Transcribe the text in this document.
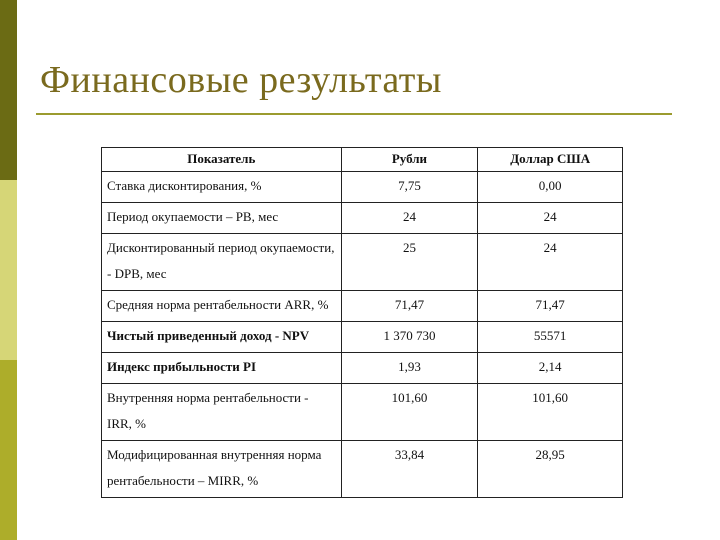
Финансовые результаты
Показатель	Рубли	Доллар США
Ставка дисконтирования, %	7,75	0,00
Период окупаемости – PB, мес	24	24
Дисконтированный период окупаемости, - DPB, мес	25	24
Средняя норма рентабельности ARR, %	71,47	71,47
Чистый приведенный доход - NPV	1 370 730	55571
Индекс прибыльности PI	1,93	2,14
Внутренняя норма рентабельности - IRR, %	101,60	101,60
Модифицированная внутренняя норма рентабельности – MIRR, %	33,84	28,95
